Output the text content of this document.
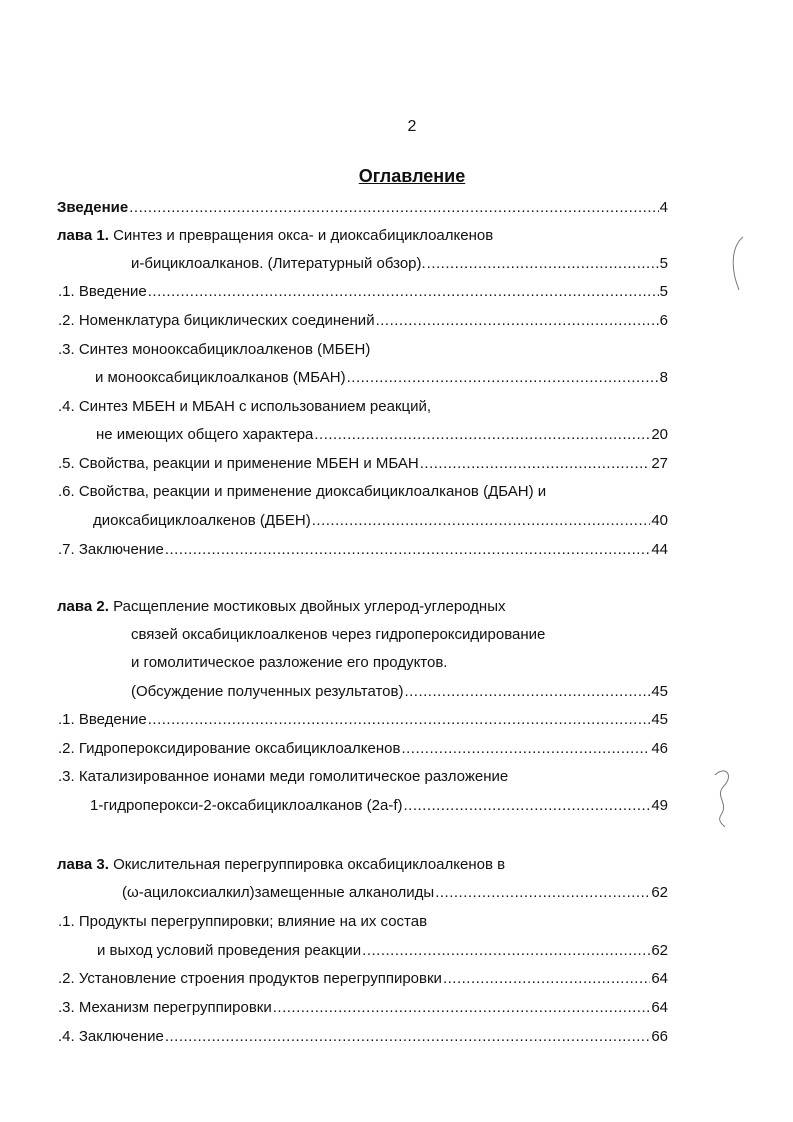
2
Оглавление
Зведение .....	4
лава 1. Синтез и превращения окса- и диоксабициклоалкенов
и-бициклоалканов. (Литературный обзор). .....	5
.1. Введение .....	5
.2. Номенклатура бициклических соединений .....	6
.3. Синтез монооксабициклоалкенов (МБЕН)
и монооксабициклоалканов (МБАН) .....	8
.4. Синтез МБЕН и МБАН с использованием реакций,
не имеющих общего характера .....	20
.5. Свойства, реакции и применение МБЕН и МБАН .....	27
.6. Свойства, реакции и применение диоксабициклоалканов (ДБАН) и
диоксабициклоалкенов (ДБЕН) .....	40
.7. Заключение .....	44
лава 2. Расщепление мостиковых двойных углерод-углеродных
связей оксабициклоалкенов через гидропероксидирование
и гомолитическое разложение его продуктов.
(Обсуждение полученных результатов) .....	45
.1. Введение .....	45
.2. Гидропероксидирование оксабициклоалкенов .....	46
.3. Катализированное ионами меди гомолитическое разложение
1-гидроперокси-2-оксабициклоалканов (2a-f) .....	49
лава 3. Окислительная перегруппировка оксабициклоалкенов в
(ω-ацилоксиалкил)замещенные алканолиды .....	62
.1. Продукты перегруппировки; влияние на их состав
и выход условий проведения реакции .....	62
.2. Установление строения продуктов перегруппировки .....	64
.3. Механизм перегруппировки .....	64
.4. Заключение .....	66
